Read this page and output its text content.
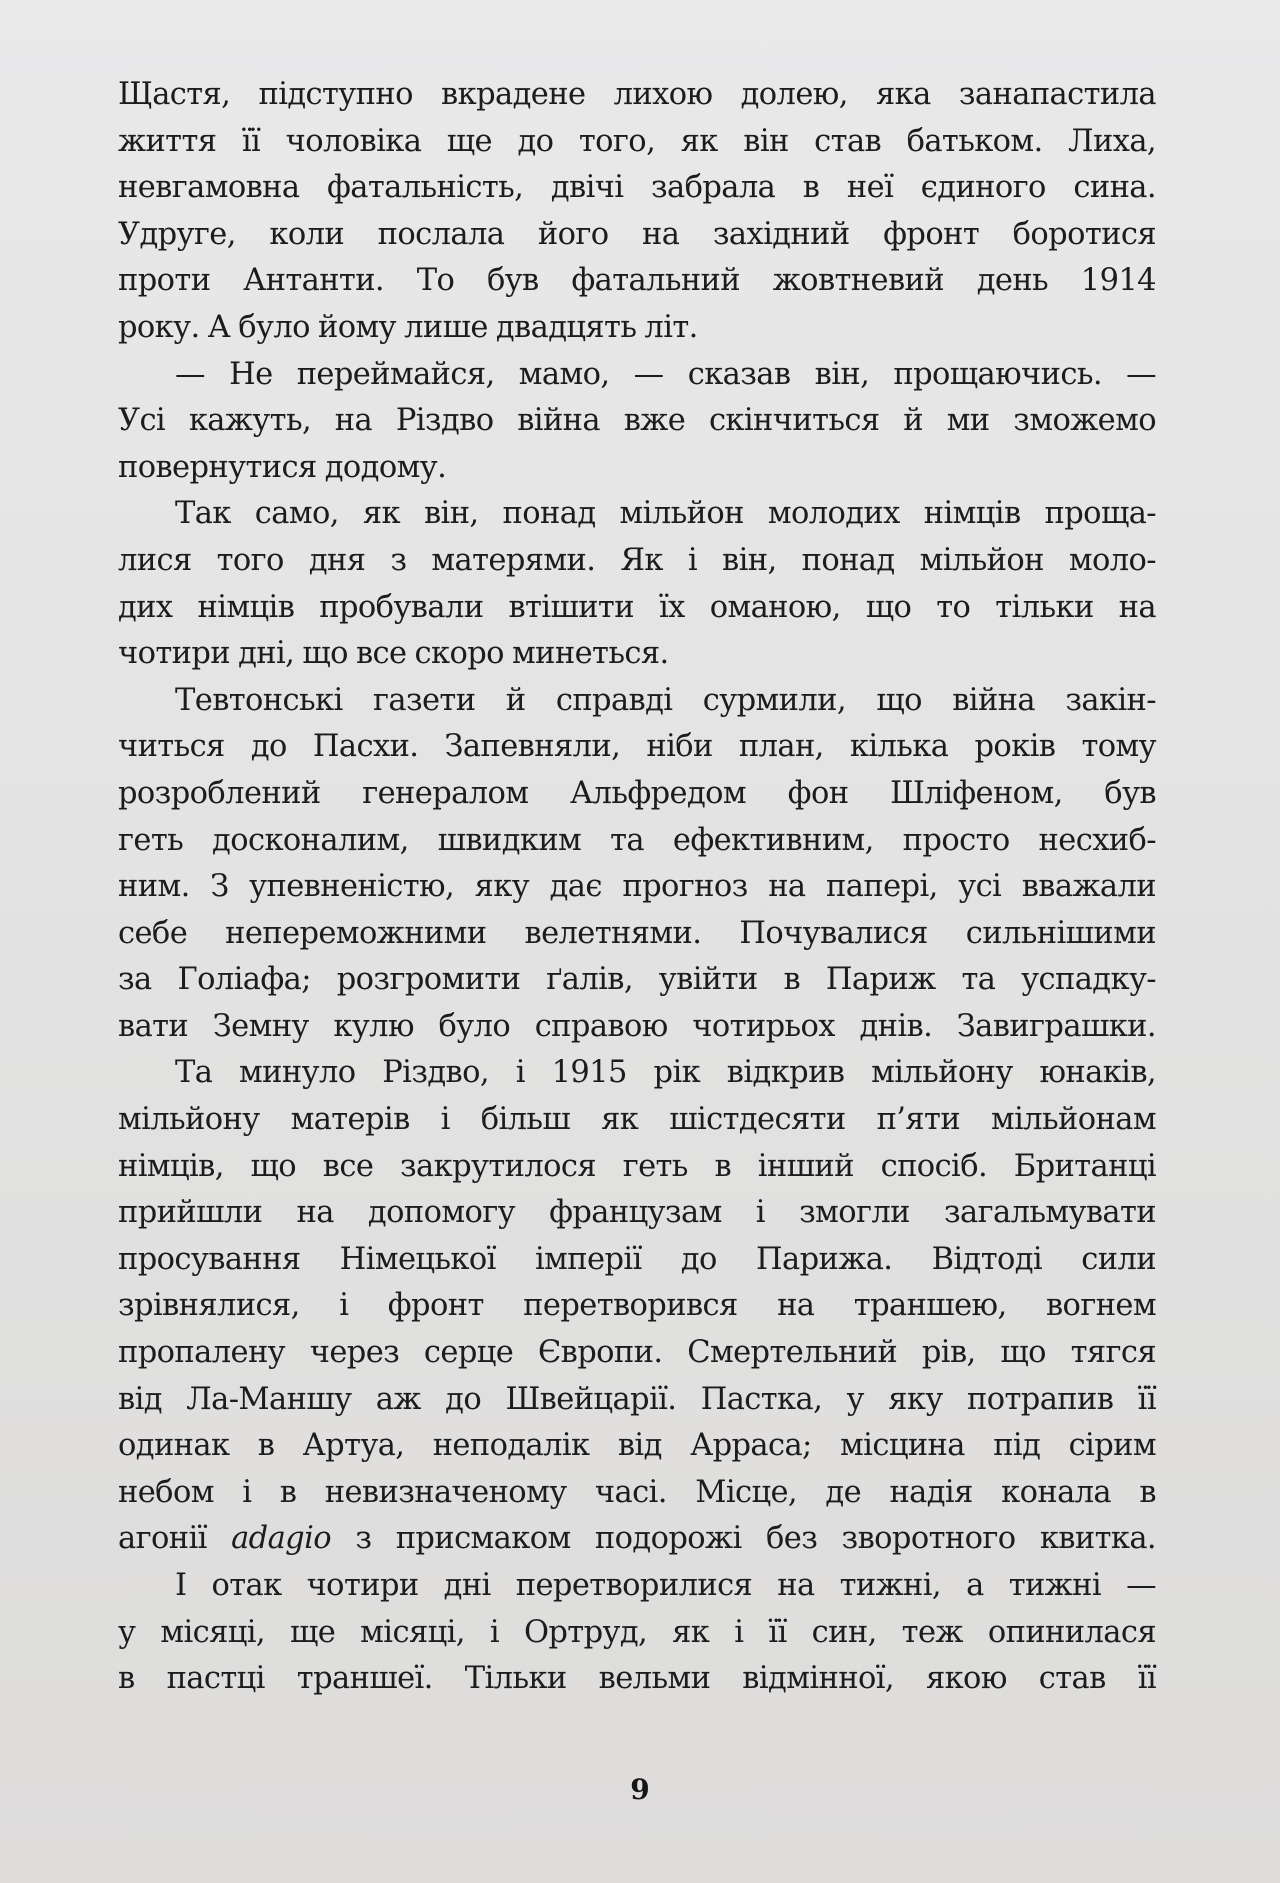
Щастя, підступно вкрадене лихою долею, яка занапастила
життя її чоловіка ще до того, як він став батьком. Лиха,
невгамовна фатальність, двічі забрала в неї єдиного сина.
Удруге, коли послала його на західний фронт боротися
проти Антанти. То був фатальний жовтневий день 1914
року. А було йому лише двадцять літ.
— Не переймайся, мамо, — сказав він, прощаючись. —
Усі кажуть, на Різдво війна вже скінчиться й ми зможемо
повернутися додому.
Так само, як він, понад мільйон молодих німців проща-
лися того дня з матерями. Як і він, понад мільйон моло-
дих німців пробували втішити їх оманою, що то тільки на
чотири дні, що все скоро минеться.
Тевтонські газети й справді сурмили, що війна закін-
читься до Пасхи. Запевняли, ніби план, кілька років тому
розроблений генералом Альфредом фон Шліфеном, був
геть досконалим, швидким та ефективним, просто несхиб-
ним. З упевненістю, яку дає прогноз на папері, усі вважали
себе непереможними велетнями. Почувалися сильнішими
за Голіафа; розгромити ґалів, увійти в Париж та успадку-
вати Земну кулю було справою чотирьох днів. Завиграшки.
Та минуло Різдво, і 1915 рік відкрив мільйону юнаків,
мільйону матерів і більш як шістдесяти п’яти мільйонам
німців, що все закрутилося геть в інший спосіб. Британці
прийшли на допомогу французам і змогли загальмувати
просування Німецької імперії до Парижа. Відтоді сили
зрівнялися, і фронт перетворився на траншею, вогнем
пропалену через серце Європи. Смертельний рів, що тягся
від Ла-Маншу аж до Швейцарії. Пастка, у яку потрапив її
одинак в Артуа, неподалік від Арраса; місцина під сірим
небом і в невизначеному часі. Місце, де надія конала в
агонії adagio з присмаком подорожі без зворотного квитка.
І отак чотири дні перетворилися на тижні, а тижні —
у місяці, ще місяці, і Ортруд, як і її син, теж опинилася
в пастці траншеї. Тільки вельми відмінної, якою став її
9
